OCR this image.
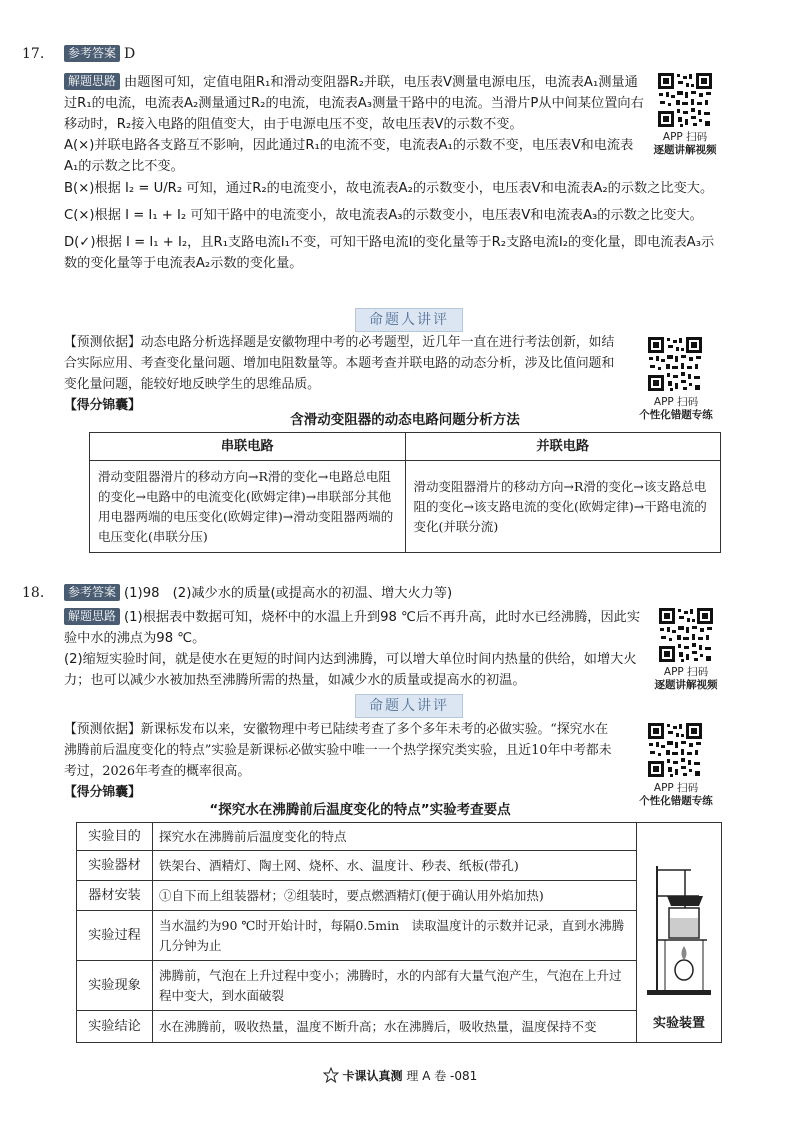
17.	参考答案 D

解题思路 由题图可知，定值电阻R₁和滑动变阻器R₂并联，电压表V测量电源电压，电流表A₁测量通过R₁的电流，电流表A₂测量通过R₂的电流，电流表A₃测量干路中的电流。当滑片P从中间某位置向右移动时，R₂接入电路的阻值变大，由于电源电压不变，故电压表V的示数不变。

A(×)并联电路各支路互不影响，因此通过R₁的电流不变，电流表A₁的示数不变，电压表V和电流表A₁的示数之比不变。

B(×)根据 I₂ = U/R₂ 可知，通过R₂的电流变小，故电流表A₂的示数变小，电压表V和电流表A₂的示数之比变大。

C(×)根据 I = I₁ + I₂ 可知干路中的电流变小，故电流表A₃的示数变小，电压表V和电流表A₃的示数之比变大。

D(✓)根据 I = I₁ + I₂，且R₁支路电流I₁不变，可知干路电流I的变化量等于R₂支路电流I₂的变化量，即电流表A₃示数的变化量等于电流表A₂示数的变化量。

APP 扫码
逐题讲解视频
命题人讲评

【预测依据】动态电路分析选择题是安徽物理中考的必考题型，近几年一直在进行考法创新，如结合实际应用、考查变化量问题、增加电阻数量等。本题考查并联电路的动态分析，涉及比值问题和变化量问题，能较好地反映学生的思维品质。

【得分锦囊】	APP 扫码
个性化错题专练
含滑动变阻器的动态电路问题分析方法
串联电路	并联电路
滑动变阻器滑片的移动方向→R滑的变化→电路总电阻的变化→电路中的电流变化(欧姆定律)→串联部分其他用电器两端的电压变化(欧姆定律)→滑动变阻器两端的电压变化(串联分压)	滑动变阻器滑片的移动方向→R滑的变化→该支路总电阻的变化→该支路电流的变化(欧姆定律)→干路电流的变化(并联分流)
18.	参考答案 (1)98　(2)减少水的质量(或提高水的初温、增大火力等)

解题思路 (1)根据表中数据可知，烧杯中的水温上升到98 ℃后不再升高，此时水已经沸腾，因此实验中水的沸点为98 ℃。

(2)缩短实验时间，就是使水在更短的时间内达到沸腾，可以增大单位时间内热量的供给，如增大火力；也可以减少水被加热至沸腾所需的热量，如减少水的质量或提高水的初温。

APP 扫码
逐题讲解视频
命题人讲评

【预测依据】新课标发布以来，安徽物理中考已陆续考查了多个多年未考的必做实验。“探究水在沸腾前后温度变化的特点”实验是新课标必做实验中唯一一个热学探究类实验，且近10年中考都未考过，2026年考查的概率很高。

【得分锦囊】	APP 扫码
个性化错题专练
“探究水在沸腾前后温度变化的特点”实验考查要点
实验目的	探究水在沸腾前后温度变化的特点	实验装置

实验器材	铁架台、酒精灯、陶土网、烧杯、水、温度计、秒表、纸板(带孔)	
器材安装	①自下而上组装器材；②组装时，要点燃酒精灯(便于确认用外焰加热)	
实验过程	当水温约为90 ℃时开始计时，每隔0.5min　读取温度计的示数并记录，直到水沸腾几分钟为止	
实验现象	沸腾前，气泡在上升过程中变小；沸腾时，水的内部有大量气泡产生，气泡在上升过程中变大，到水面破裂	
实验结论	水在沸腾前，吸收热量，温度不断升高；水在沸腾后，吸收热量，温度保持不变	
卡课认真测 理 A 卷 -081
